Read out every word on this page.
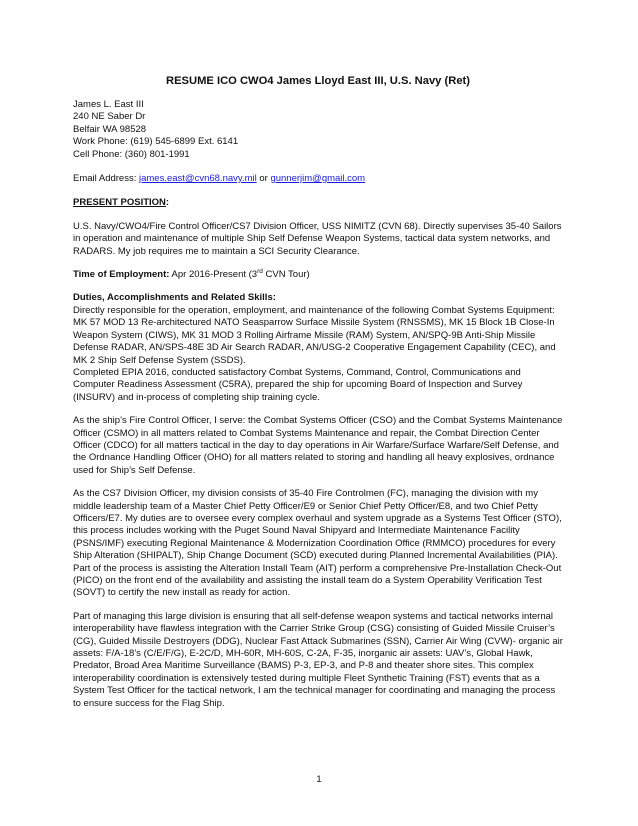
RESUME ICO CWO4 James Lloyd East III, U.S. Navy (Ret)
James L. East III
240 NE Saber Dr
Belfair WA 98528
Work Phone: (619) 545-6899 Ext. 6141
Cell Phone: (360) 801-1991
Email Address: james.east@cvn68.navy.mil or gunnerjim@gmail.com
PRESENT POSITION:

U.S. Navy/CWO4/Fire Control Officer/CS7 Division Officer, USS NIMITZ (CVN 68). Directly supervises 35-40 Sailors in operation and maintenance of multiple Ship Self Defense Weapon Systems, tactical data system networks, and RADARS. My job requires me to maintain a SCI Security Clearance.

Time of Employment: Apr 2016-Present (3rd CVN Tour)
Duties, Accomplishments and Related Skills:

Directly responsible for the operation, employment, and maintenance of the following Combat Systems Equipment: MK 57 MOD 13 Re-architectured NATO Seasparrow Surface Missile System (RNSSMS), MK 15 Block 1B Close-In Weapon System (CIWS), MK 31 MOD 3 Rolling Airframe Missile (RAM) System, AN/SPQ-9B Anti-Ship Missile Defense RADAR, AN/SPS-48E 3D Air Search RADAR, AN/USG-2 Cooperative Engagement Capability (CEC), and MK 2 Ship Self Defense System (SSDS).

Completed EPIA 2016, conducted satisfactory Combat Systems, Command, Control, Communications and Computer Readiness Assessment (C5RA), prepared the ship for upcoming Board of Inspection and Survey (INSURV) and in-process of completing ship training cycle.

As the ship’s Fire Control Officer, I serve: the Combat Systems Officer (CSO) and the Combat Systems Maintenance Officer (CSMO) in all matters related to Combat Systems Maintenance and repair, the Combat Direction Center Officer (CDCO) for all matters tactical in the day to day operations in Air Warfare/Surface Warfare/Self Defense, and the Ordnance Handling Officer (OHO) for all matters related to storing and handling all heavy explosives, ordnance used for Ship’s Self Defense.

As the CS7 Division Officer, my division consists of 35-40 Fire Controlmen (FC), managing the division with my middle leadership team of a Master Chief Petty Officer/E9 or Senior Chief Petty Officer/E8, and two Chief Petty Officers/E7. My duties are to oversee every complex overhaul and system upgrade as a Systems Test Officer (STO), this process includes working with the Puget Sound Naval Shipyard and Intermediate Maintenance Facility (PSNS/IMF) executing Regional Maintenance & Modernization Coordination Office (RMMCO) procedures for every Ship Alteration (SHIPALT), Ship Change Document (SCD) executed during Planned Incremental Availabilities (PIA). Part of the process is assisting the Alteration Install Team (AIT) perform a comprehensive Pre-Installation Check-Out (PICO) on the front end of the availability and assisting the install team do a System Operability Verification Test (SOVT) to certify the new install as ready for action.

Part of managing this large division is ensuring that all self-defense weapon systems and tactical networks internal interoperability have flawless integration with the Carrier Strike Group (CSG) consisting of Guided Missile Cruiser’s (CG), Guided Missile Destroyers (DDG), Nuclear Fast Attack Submarines (SSN), Carrier Air Wing (CVW)- organic air assets: F/A-18’s (C/E/F/G), E-2C/D, MH-60R, MH-60S, C-2A, F-35, inorganic air assets: UAV’s, Global Hawk, Predator, Broad Area Maritime Surveillance (BAMS) P-3, EP-3, and P-8 and theater shore sites. This complex interoperability coordination is extensively tested during multiple Fleet Synthetic Training (FST) events that as a System Test Officer for the tactical network, I am the technical manager for coordinating and managing the process to ensure success for the Flag Ship.

1
